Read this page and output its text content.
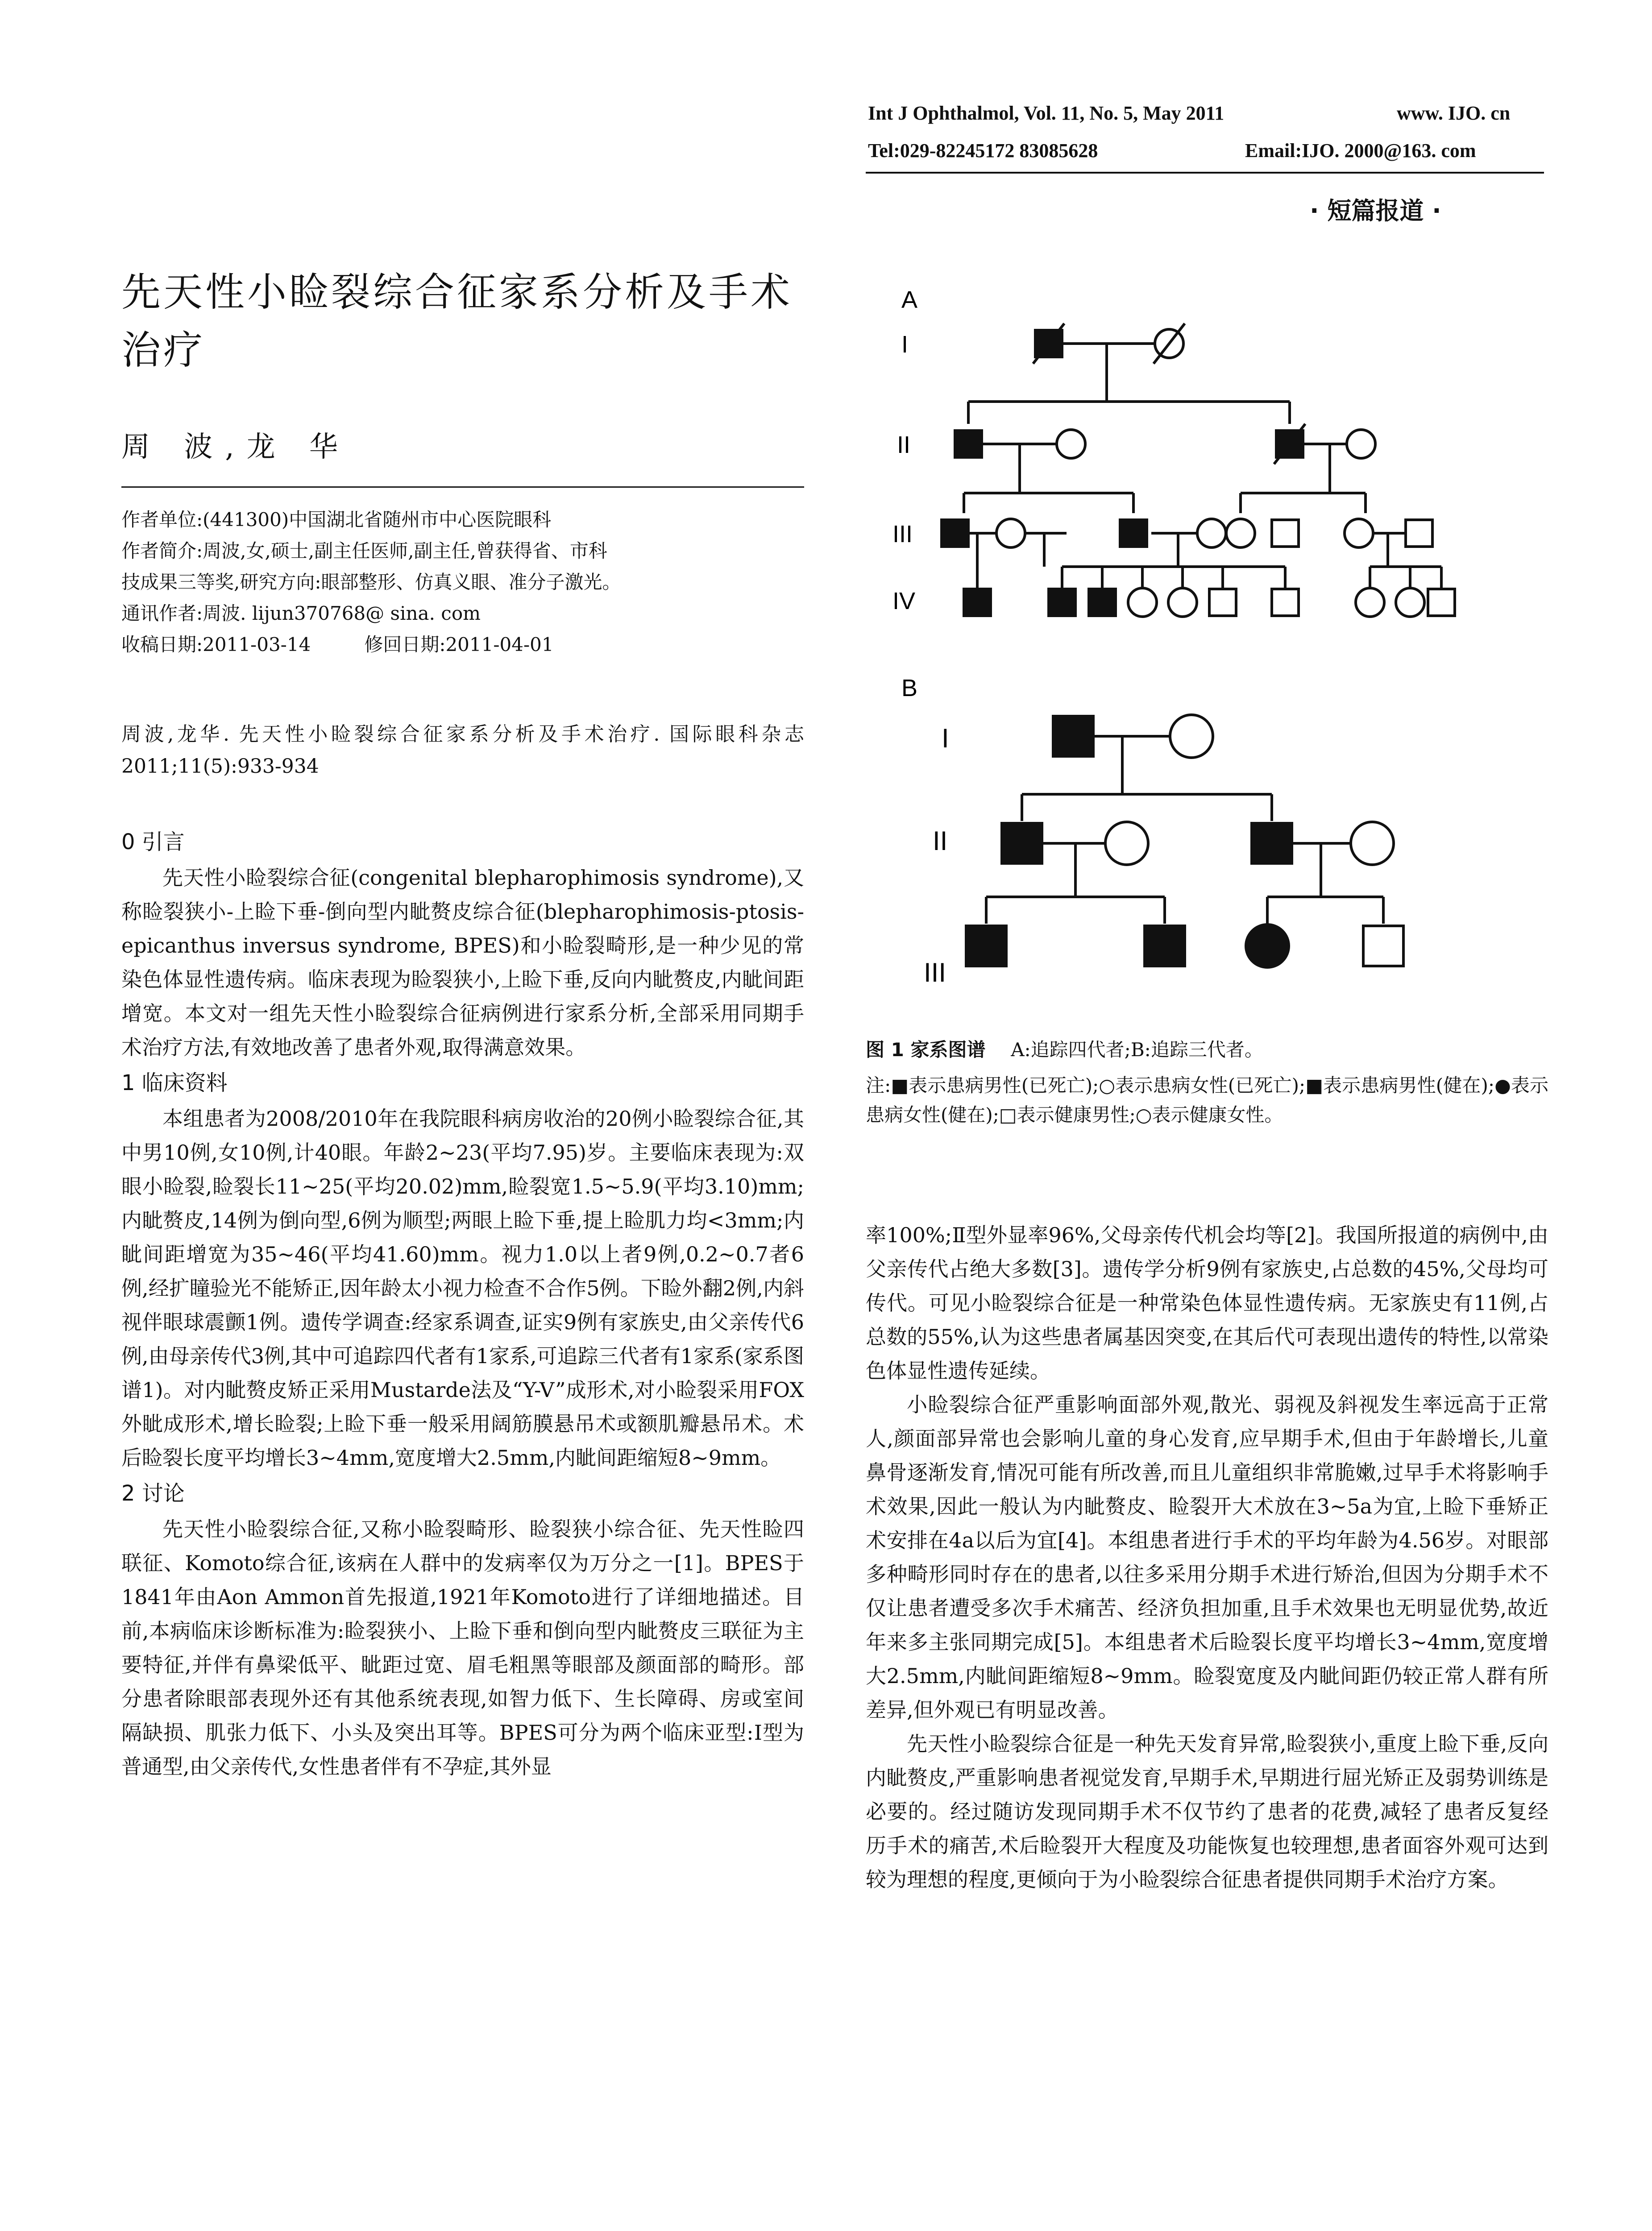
Int J Ophthalmol, Vol. 11, No. 5, May 2011	www. IJO. cn
Tel:029-82245172 83085628	Email:IJO. 2000@163. com
· 短篇报道 ·
先天性小睑裂综合征家系分析及手术治疗
周 波,龙 华
作者单位:(441300)中国湖北省随州市中心医院眼科
作者简介:周波,女,硕士,副主任医师,副主任,曾获得省、市科
技成果三等奖,研究方向:眼部整形、仿真义眼、准分子激光。
通讯作者:周波. lijun370768@ sina. com
收稿日期:2011-03-14	修回日期:2011-04-01
周波,龙华. 先天性小睑裂综合征家系分析及手术治疗. 国际眼科杂志 2011;11(5):933-934
0 引言

先天性小睑裂综合征(congenital blepharophimosis syndrome),又称睑裂狭小-上睑下垂-倒向型内眦赘皮综合征(blepharophimosis-ptosis-epicanthus inversus syndrome, BPES)和小睑裂畸形,是一种少见的常染色体显性遗传病。临床表现为睑裂狭小,上睑下垂,反向内眦赘皮,内眦间距增宽。本文对一组先天性小睑裂综合征病例进行家系分析,全部采用同期手术治疗方法,有效地改善了患者外观,取得满意效果。

1 临床资料

本组患者为2008/2010年在我院眼科病房收治的20例小睑裂综合征,其中男10例,女10例,计40眼。年龄2~23(平均7.95)岁。主要临床表现为:双眼小睑裂,睑裂长11~25(平均20.02)mm,睑裂宽1.5~5.9(平均3.10)mm;内眦赘皮,14例为倒向型,6例为顺型;两眼上睑下垂,提上睑肌力均<3mm;内眦间距增宽为35~46(平均41.60)mm。视力1.0以上者9例,0.2~0.7者6例,经扩瞳验光不能矫正,因年龄太小视力检查不合作5例。下睑外翻2例,内斜视伴眼球震颤1例。遗传学调查:经家系调查,证实9例有家族史,由父亲传代6例,由母亲传代3例,其中可追踪四代者有1家系,可追踪三代者有1家系(家系图谱1)。对内眦赘皮矫正采用Mustarde法及“Y-V”成形术,对小睑裂采用FOX外眦成形术,增长睑裂;上睑下垂一般采用阔筋膜悬吊术或额肌瓣悬吊术。术后睑裂长度平均增长3~4mm,宽度增大2.5mm,内眦间距缩短8~9mm。

2 讨论

先天性小睑裂综合征,又称小睑裂畸形、睑裂狭小综合征、先天性睑四联征、Komoto综合征,该病在人群中的发病率仅为万分之一[1]。BPES于1841年由Aon Ammon首先报道,1921年Komoto进行了详细地描述。目前,本病临床诊断标准为:睑裂狭小、上睑下垂和倒向型内眦赘皮三联征为主要特征,并伴有鼻梁低平、眦距过宽、眉毛粗黑等眼部及颜面部的畸形。部分患者除眼部表现外还有其他系统表现,如智力低下、生长障碍、房或室间隔缺损、肌张力低下、小头及突出耳等。BPES可分为两个临床亚型:Ⅰ型为普通型,由父亲传代,女性患者伴有不孕症,其外显

A
I
II
III
IV
B
I
II
III
图 1 家系图谱 A:追踪四代者;B:追踪三代者。
注:■表示患病男性(已死亡);○表示患病女性(已死亡);■表示患病男性(健在);●表示患病女性(健在);□表示健康男性;○表示健康女性。

率100%;Ⅱ型外显率96%,父母亲传代机会均等[2]。我国所报道的病例中,由父亲传代占绝大多数[3]。遗传学分析9例有家族史,占总数的45%,父母均可传代。可见小睑裂综合征是一种常染色体显性遗传病。无家族史有11例,占总数的55%,认为这些患者属基因突变,在其后代可表现出遗传的特性,以常染色体显性遗传延续。

小睑裂综合征严重影响面部外观,散光、弱视及斜视发生率远高于正常人,颜面部异常也会影响儿童的身心发育,应早期手术,但由于年龄增长,儿童鼻骨逐渐发育,情况可能有所改善,而且儿童组织非常脆嫩,过早手术将影响手术效果,因此一般认为内眦赘皮、睑裂开大术放在3~5a为宜,上睑下垂矫正术安排在4a以后为宜[4]。本组患者进行手术的平均年龄为4.56岁。对眼部多种畸形同时存在的患者,以往多采用分期手术进行矫治,但因为分期手术不仅让患者遭受多次手术痛苦、经济负担加重,且手术效果也无明显优势,故近年来多主张同期完成[5]。本组患者术后睑裂长度平均增长3~4mm,宽度增大2.5mm,内眦间距缩短8~9mm。睑裂宽度及内眦间距仍较正常人群有所差异,但外观已有明显改善。

先天性小睑裂综合征是一种先天发育异常,睑裂狭小,重度上睑下垂,反向内眦赘皮,严重影响患者视觉发育,早期手术,早期进行屈光矫正及弱势训练是必要的。经过随访发现同期手术不仅节约了患者的花费,减轻了患者反复经历手术的痛苦,术后睑裂开大程度及功能恢复也较理想,患者面容外观可达到较为理想的程度,更倾向于为小睑裂综合征患者提供同期手术治疗方案。
